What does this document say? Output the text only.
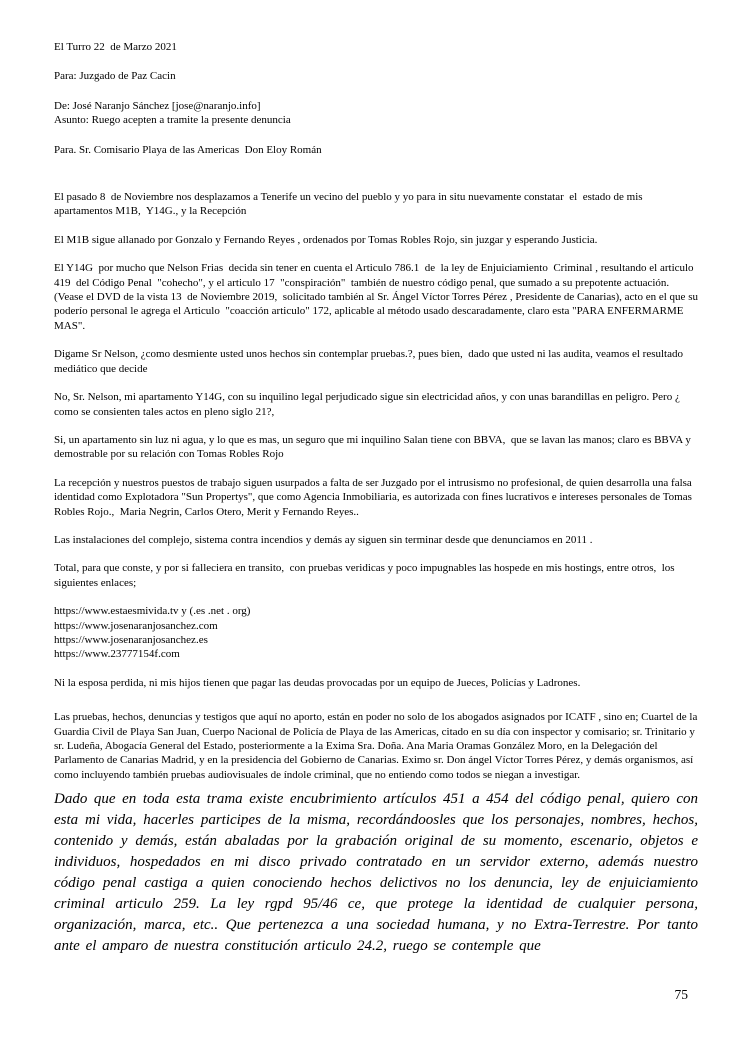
El Turro 22  de Marzo 2021

Para: Juzgado de Paz Cacin

De: José Naranjo Sánchez [jose@naranjo.info]

Asunto: Ruego acepten a tramite la presente denuncia

Para. Sr. Comisario Playa de las Americas  Don Eloy Román

El pasado 8  de Noviembre nos desplazamos a Tenerife un vecino del pueblo y yo para in situ nuevamente constatar  el  estado de mis apartamentos M1B,  Y14G., y la Recepción

El M1B sigue allanado por Gonzalo y Fernando Reyes , ordenados por Tomas Robles Rojo, sin juzgar y esperando Justicia.

El Y14G  por mucho que Nelson Frias  decida sin tener en cuenta el Articulo 786.1  de  la ley de Enjuiciamiento  Criminal , resultando el articulo 419  del Código Penal  "cohecho", y el articulo 17  "conspiración"  también de nuestro código penal, que sumado a su prepotente actuación.(Vease el DVD de la vista 13  de Noviembre 2019,  solicitado también al Sr. Ángel Víctor Torres Pérez , Presidente de Canarias), acto en el que su poderío personal le agrega el Articulo  "coacción articulo" 172, aplicable al método usado descaradamente, claro esta "PARA ENFERMARME MAS".

Digame Sr Nelson, ¿como desmiente usted unos hechos sin contemplar pruebas.?, pues bien,  dado que usted ni las audita, veamos el resultado mediático que decide

No, Sr. Nelson, mi apartamento Y14G, con su inquilino legal perjudicado sigue sin electricidad años, y con unas barandillas en peligro. Pero ¿ como se consienten tales actos en pleno siglo 21?,

Si, un apartamento sin luz ni agua, y lo que es mas, un seguro que mi inquilino Salan tiene con BBVA,  que se lavan las manos; claro es BBVA y demostrable por su relación con Tomas Robles Rojo

La recepción y nuestros puestos de trabajo siguen usurpados a falta de ser Juzgado por el intrusismo no profesional, de quien desarrolla una falsa identidad como Explotadora "Sun Propertys", que como Agencia Inmobiliaria, es autorizada con fines lucrativos e intereses personales de Tomas Robles Rojo.,  Maria Negrin, Carlos Otero, Merit y Fernando Reyes..

Las instalaciones del complejo, sistema contra incendios y demás ay siguen sin terminar desde que denunciamos en 2011 .

Total, para que conste, y por si falleciera en transito,  con pruebas veridicas y poco impugnables las hospede en mis hostings, entre otros,  los siguientes enlaces;

https://www.estaesmivida.tv y (.es .net . org)

https://www.josenaranjosanchez.com

https://www.josenaranjosanchez.es

https://www.23777154f.com

Ni la esposa perdida, ni mis hijos tienen que pagar las deudas provocadas por un equipo de Jueces, Policías y Ladrones.

Las pruebas, hechos, denuncias y testigos que aquí no aporto, están en poder no solo de los abogados asignados por ICATF , sino en; Cuartel de la Guardia Civil de Playa San Juan, Cuerpo Nacional de Policía de Playa de las Americas, citado en su día con inspector y comisario; sr. Trinitario y sr. Ludeña, Abogacía General del Estado, posteriormente a la Exima Sra. Doña. Ana Maria Oramas González Moro, en la Delegación del Parlamento de Canarias Madrid, y en la presidencia del Gobierno de Canarias. Eximo sr. Don ángel Víctor Torres Pérez, y demás organismos, así como incluyendo también pruebas audiovisuales de índole criminal, que no entiendo como todos se niegan a investigar.

Dado que en toda esta trama existe encubrimiento artículos 451 a 454 del código penal, quiero con esta mi vida, hacerles participes de la misma, recordándoosles que los personajes, nombres, hechos, contenido y demás, están abaladas por la grabación original de su momento, escenario, objetos e individuos, hospedados en mi disco privado contratado en un servidor externo, además nuestro código penal castiga a quien conociendo hechos delictivos no los denuncia, ley de enjuiciamiento criminal articulo 259. La ley rgpd 95/46 ce, que protege la identidad de cualquier persona, organización, marca, etc.. Que pertenezca a una sociedad humana, y no Extra-Terrestre. Por tanto ante el amparo de nuestra constitución articulo 24.2, ruego se contemple que

75
